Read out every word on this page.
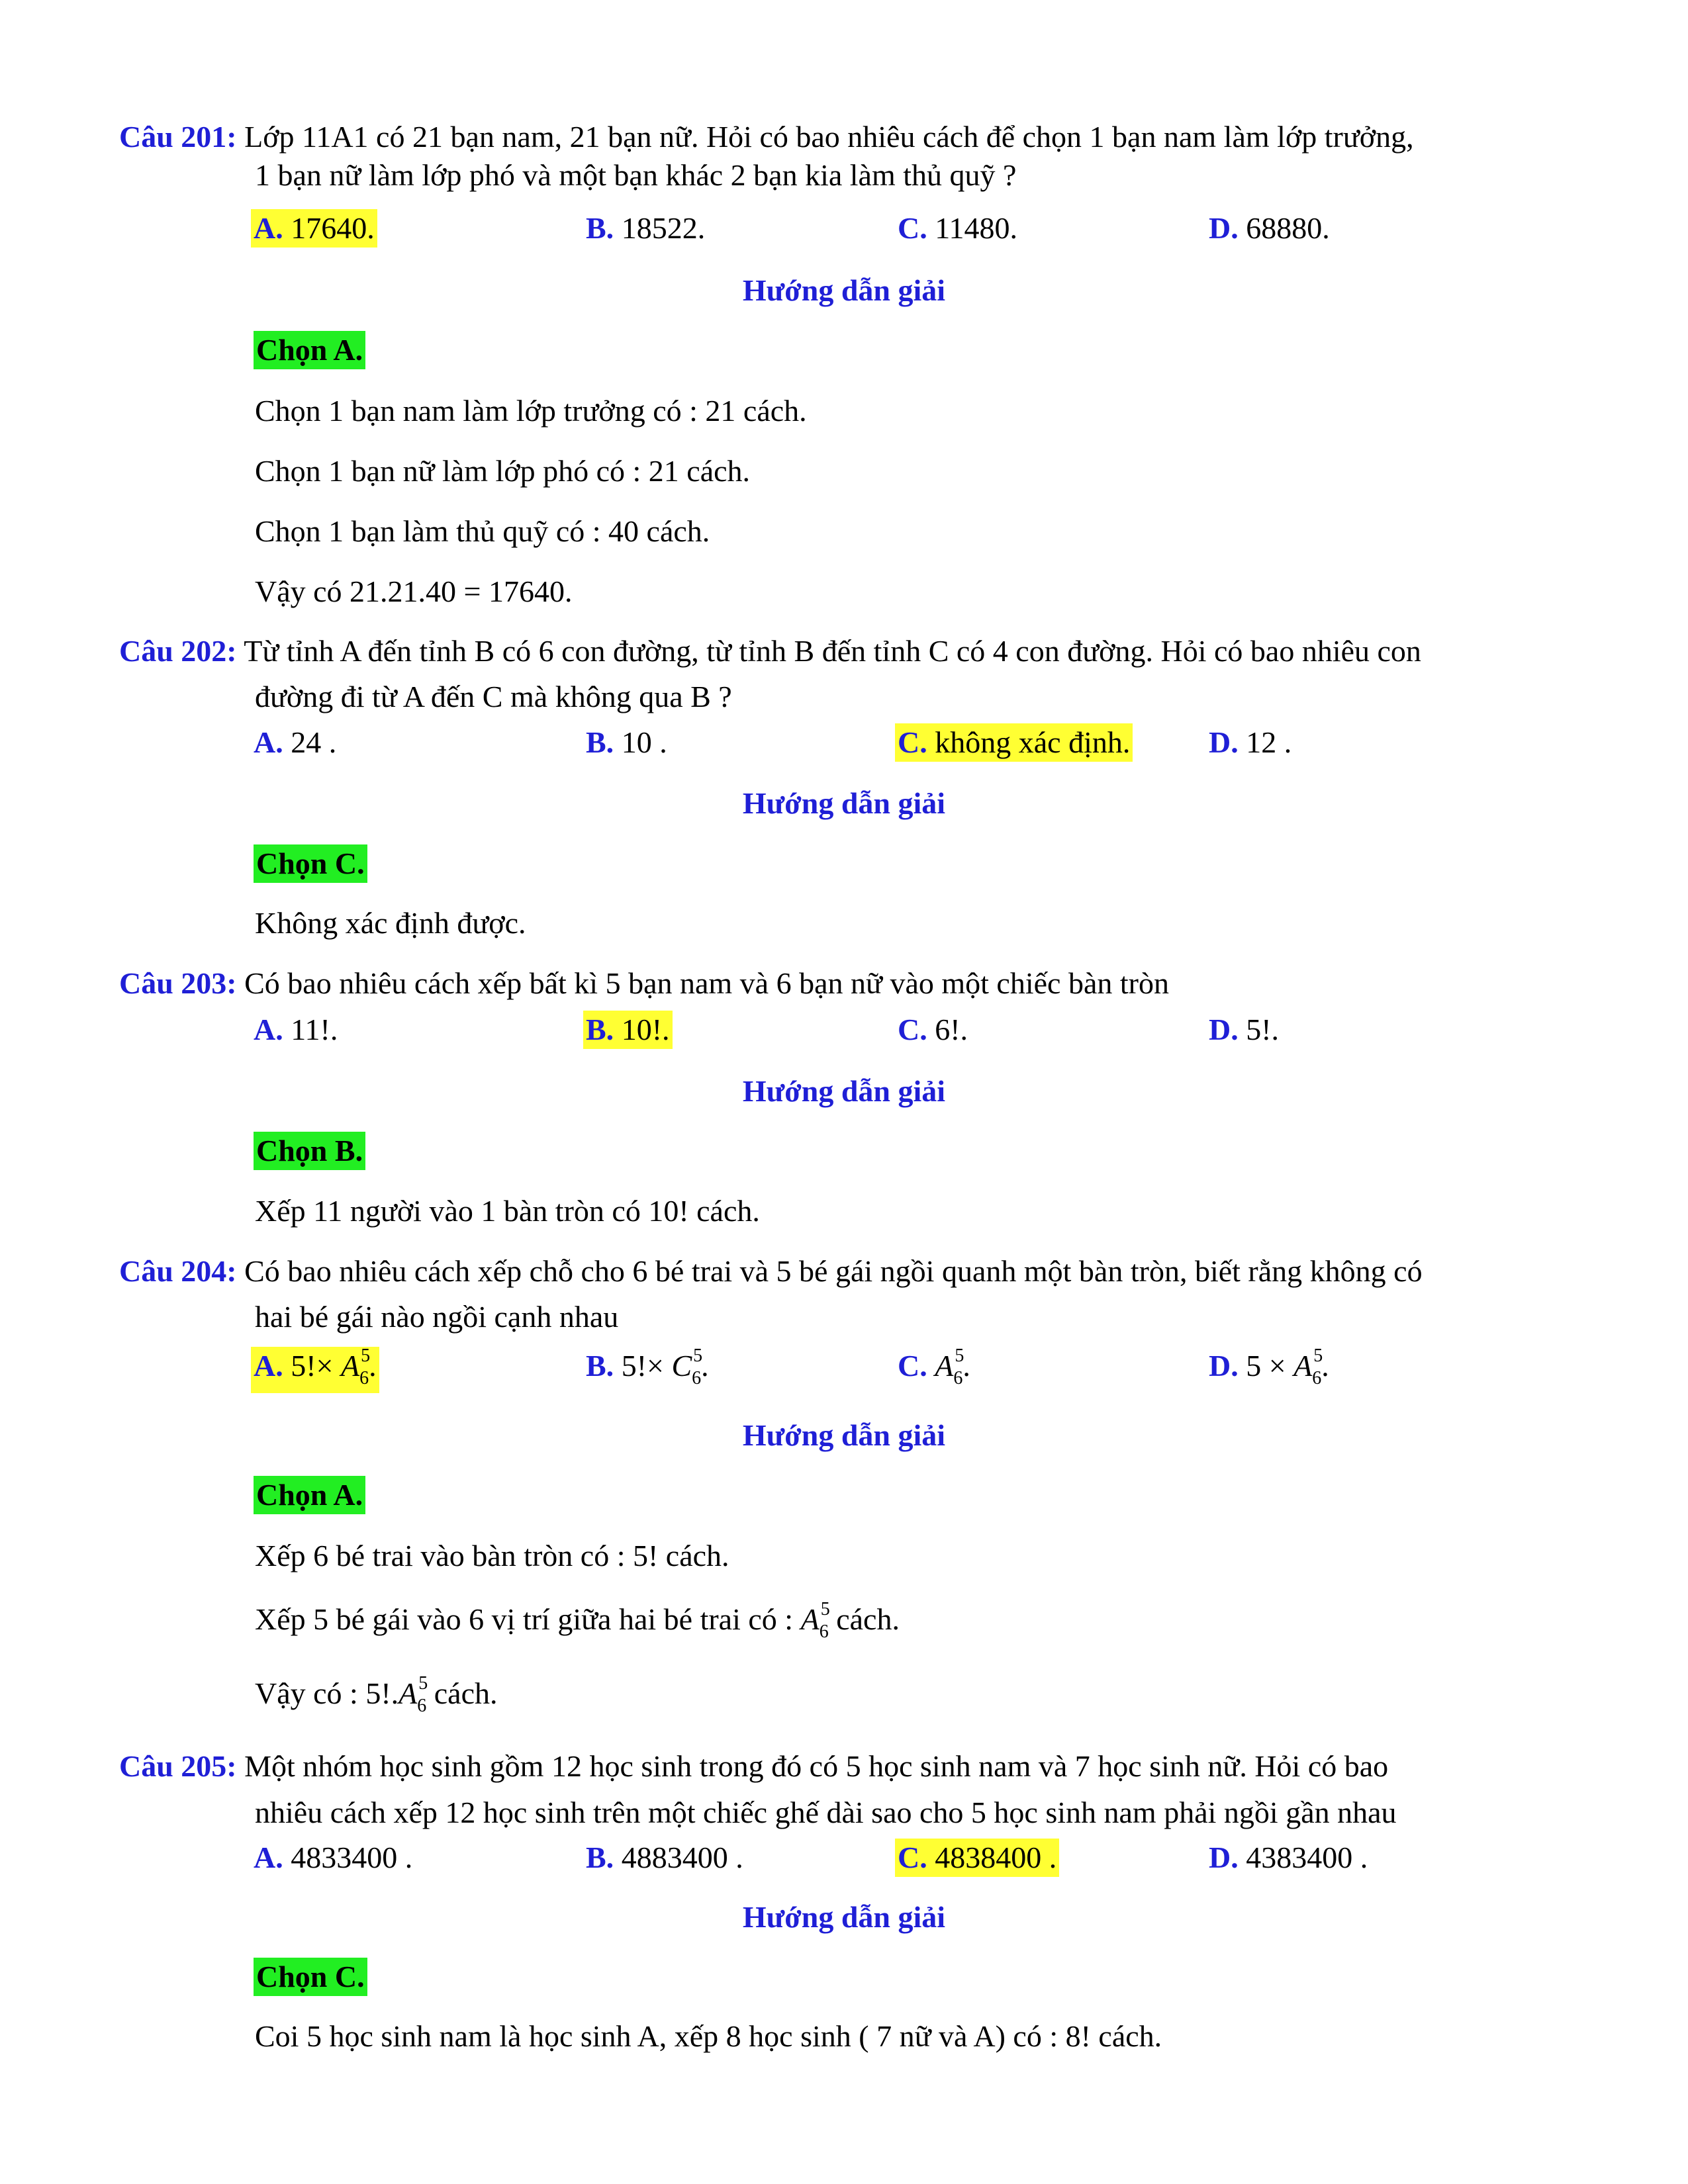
Câu 201: Lớp 11A1 có 21 bạn nam, 21 bạn nữ. Hỏi có bao nhiêu cách để chọn 1 bạn nam làm lớp trưởng,
1 bạn nữ làm lớp phó và một bạn khác 2 bạn kia làm thủ quỹ ?
A. 17640.	B. 18522.	C. 11480.	D. 68880.
Hướng dẫn giải
Chọn A.
Chọn 1 bạn nam làm lớp trưởng có : 21 cách.
Chọn 1 bạn nữ làm lớp phó có : 21 cách.
Chọn 1 bạn làm thủ quỹ có : 40 cách.
Vậy có 21.21.40 = 17640.
Câu 202: Từ tỉnh A đến tỉnh B có 6 con đường, từ tỉnh B đến tỉnh C có 4 con đường. Hỏi có bao nhiêu con
đường đi từ A đến C mà không qua B ?
A. 24 .	B. 10 .	C. không xác định.	D. 12 .
Hướng dẫn giải
Chọn C.
Không xác định được.
Câu 203: Có bao nhiêu cách xếp bất kì 5 bạn nam và 6 bạn nữ vào một chiếc bàn tròn
A. 11!.	B. 10!.	C. 6!.	D. 5!.
Hướng dẫn giải
Chọn B.
Xếp 11 người vào 1 bàn tròn có 10! cách.
Câu 204: Có bao nhiêu cách xếp chỗ cho 6 bé trai và 5 bé gái ngồi quanh một bàn tròn, biết rằng không có
hai bé gái nào ngồi cạnh nhau
A. $5!\times A^5_6$.	B. $5!\times C^5_6$.	C. $A^5_6$.	D. $5 \times A^5_6$.
Hướng dẫn giải
Chọn A.
Xếp 6 bé trai vào bàn tròn có : 5! cách.
Xếp 5 bé gái vào 6 vị trí giữa hai bé trai có : $A^5_6$ cách.
Vậy có : $5!.A^5_6$ cách.
Câu 205: Một nhóm học sinh gồm 12 học sinh trong đó có 5 học sinh nam và 7 học sinh nữ. Hỏi có bao
nhiêu cách xếp 12 học sinh trên một chiếc ghế dài sao cho 5 học sinh nam phải ngồi gần nhau
A. 4833400 .	B. 4883400 .	C. 4838400 .	D. 4383400 .
Hướng dẫn giải
Chọn C.
Coi 5 học sinh nam là học sinh A, xếp 8 học sinh ( 7 nữ và A) có : 8! cách.
